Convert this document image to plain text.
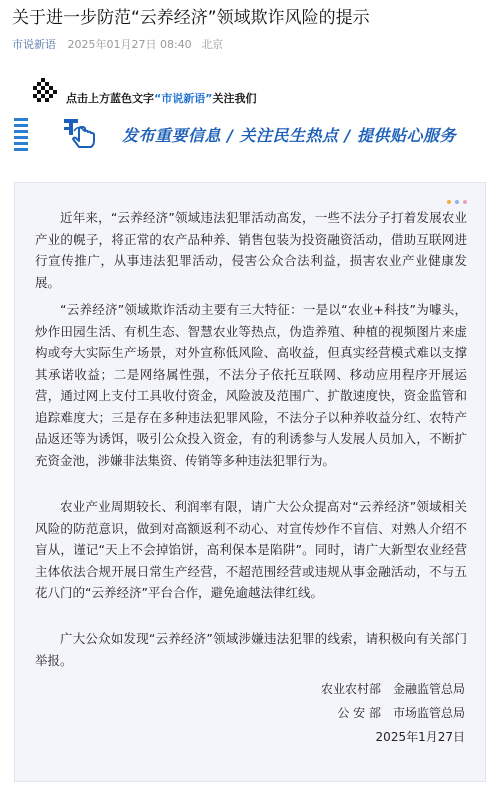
关于进一步防范“云养经济”领域欺诈风险的提示
市说新语 2025年01月27日 08:40 北京
点击上方蓝色文字“市说新语”关注我们
发布重要信息 / 关注民生热点 / 提供贴心服务

近年来，“云养经济”领域违法犯罪活动高发，一些不法分子打着发展农业产业的幌子，将正常的农产品种养、销售包装为投资融资活动，借助互联网进行宣传推广，从事违法犯罪活动，侵害公众合法利益，损害农业产业健康发展。

“云养经济”领域欺诈活动主要有三大特征：一是以“农业+科技”为噱头，炒作田园生活、有机生态、智慧农业等热点，伪造养殖、种植的视频图片来虚构或夸大实际生产场景，对外宣称低风险、高收益，但真实经营模式难以支撑其承诺收益；二是网络属性强，不法分子依托互联网、移动应用程序开展运营，通过网上支付工具收付资金，风险波及范围广、扩散速度快，资金监管和追踪难度大；三是存在多种违法犯罪风险，不法分子以种养收益分红、农特产品返还等为诱饵，吸引公众投入资金，有的利诱参与人发展人员加入，不断扩充资金池，涉嫌非法集资、传销等多种违法犯罪行为。

农业产业周期较长、利润率有限，请广大公众提高对“云养经济”领域相关风险的防范意识，做到对高额返利不动心、对宣传炒作不盲信、对熟人介绍不盲从，谨记“天上不会掉馅饼，高利保本是陷阱”。同时，请广大新型农业经营主体依法合规开展日常生产经营，不超范围经营或违规从事金融活动，不与五花八门的“云养经济”平台合作，避免逾越法律红线。

广大公众如发现“云养经济”领域涉嫌违法犯罪的线索，请积极向有关部门举报。

农业农村部　金融监管总局
公 安 部　市场监管总局
2025年1月27日
